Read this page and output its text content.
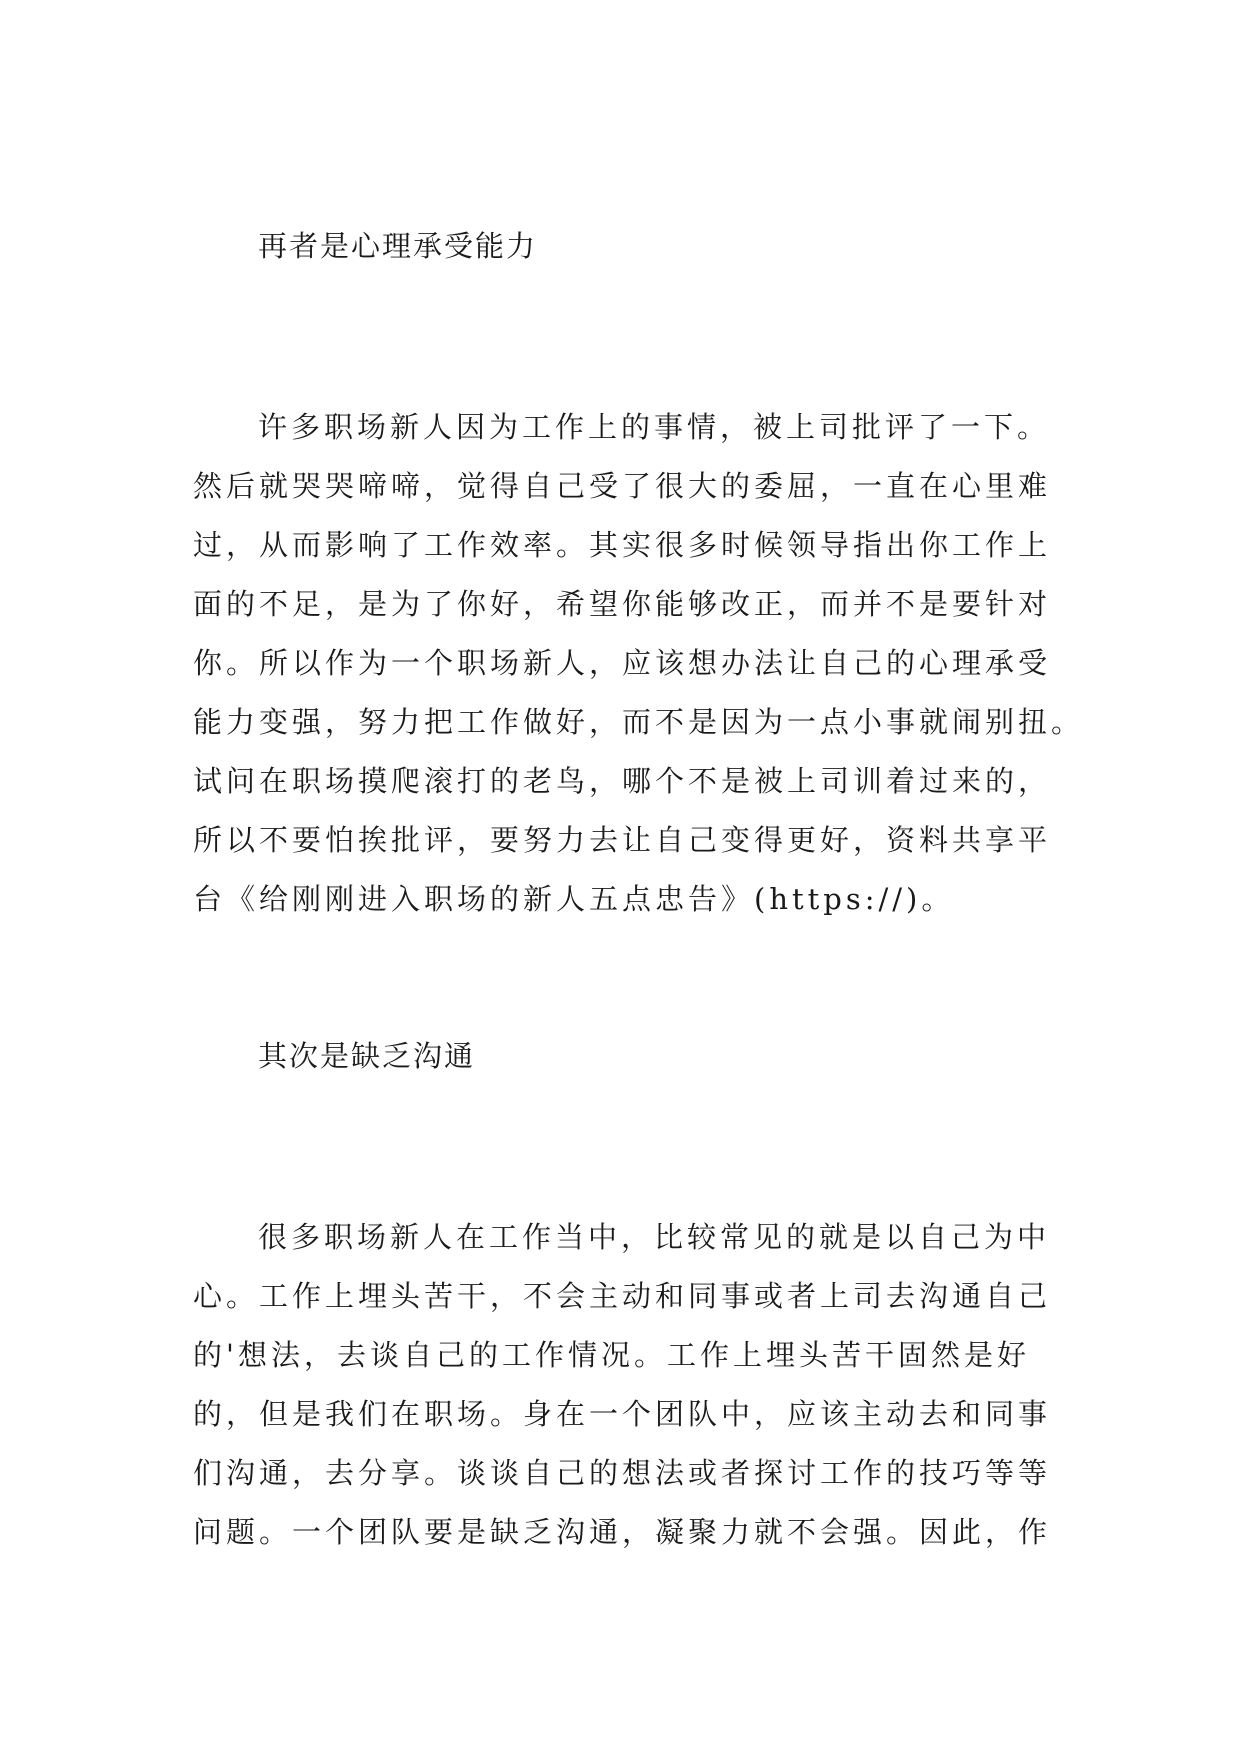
再者是心理承受能力
许多职场新人因为工作上的事情，被上司批评了一下。
然后就哭哭啼啼，觉得自己受了很大的委屈，一直在心里难
过，从而影响了工作效率。其实很多时候领导指出你工作上
面的不足，是为了你好，希望你能够改正，而并不是要针对
你。所以作为一个职场新人，应该想办法让自己的心理承受
能力变强，努力把工作做好，而不是因为一点小事就闹别扭。
试问在职场摸爬滚打的老鸟，哪个不是被上司训着过来的，
所以不要怕挨批评，要努力去让自己变得更好，资料共享平
台《给刚刚进入职场的新人五点忠告》(https://)。
其次是缺乏沟通
很多职场新人在工作当中，比较常见的就是以自己为中
心。工作上埋头苦干，不会主动和同事或者上司去沟通自己
的'想法，去谈自己的工作情况。工作上埋头苦干固然是好
的，但是我们在职场。身在一个团队中，应该主动去和同事
们沟通，去分享。谈谈自己的想法或者探讨工作的技巧等等
问题。一个团队要是缺乏沟通，凝聚力就不会强。因此，作
